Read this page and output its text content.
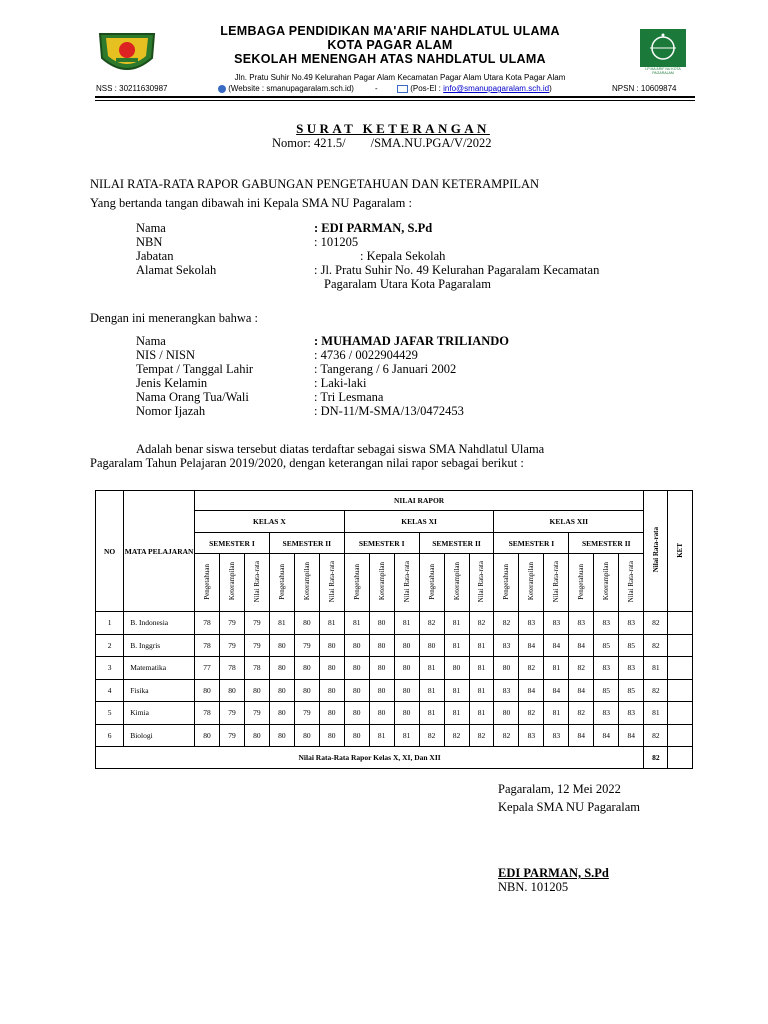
LEMBAGA PENDIDIKAN MA'ARIF NAHDLATUL ULAMA
KOTA PAGAR ALAM
SEKOLAH MENENGAH ATAS NAHDLATUL ULAMA
Jln. Pratu Suhir No.49 Kelurahan Pagar Alam Kecamatan Pagar Alam Utara Kota Pagar Alam
NSS : 30211630987	(Website : smanupagaralam.sch.id)	-	(Pos-El : info@smanupagaralam.sch.id)	NPSN : 10609874
LP MA'ARIF NU KOTA PAGARALAM
SURAT KETERANGAN
Nomor: 421.5/        /SMA.NU.PGA/V/2022
NILAI RATA-RATA RAPOR GABUNGAN PENGETAHUAN DAN KETERAMPILAN
Yang bertanda tangan dibawah ini Kepala SMA NU Pagaralam :
Nama	: EDI PARMAN, S.Pd
NBN	: 101205
Jabatan	: Kepala Sekolah
Alamat Sekolah	: Jl. Pratu Suhir No. 49 Kelurahan Pagaralam Kecamatan
Pagaralam Utara Kota Pagaralam
Dengan ini menerangkan bahwa :
Nama	: MUHAMAD JAFAR TRILIANDO
NIS / NISN	: 4736 / 0022904429
Tempat / Tanggal Lahir	: Tangerang / 6 Januari 2002
Jenis Kelamin	: Laki-laki
Nama Orang Tua/Wali	: Tri Lesmana
Nomor Ijazah	: DN-11/M-SMA/13/0472453
Adalah benar siswa tersebut diatas terdaftar sebagai siswa SMA Nahdlatul Ulama
Pagaralam Tahun Pelajaran 2019/2020, dengan keterangan nilai rapor sebagai berikut :
NO	MATA PELAJARAN	NILAI RAPOR																		Nilai Rata-rata	KET
		KELAS X						KELAS XI						KELAS XII							
		SEMESTER I			SEMESTER II			SEMESTER I			SEMESTER II			SEMESTER I			SEMESTER II				
		Pengetahuan	Keterampilan	Nilai Rata-rata	Pengetahuan	Keterampilan	Nilai Rata-rata	Pengetahuan	Keterampilan	Nilai Rata-rata	Pengetahuan	Keterampilan	Nilai Rata-rata	Pengetahuan	Keterampilan	Nilai Rata-rata	Pengetahuan	Keterampilan	Nilai Rata-rata		
1	B. Indonesia	78	79	79	81	80	81	81	80	81	82	81	82	82	83	83	83	83	83	82	
2	B. Inggris	78	79	79	80	79	80	80	80	80	80	81	81	83	84	84	84	85	85	82	
3	Matematika	77	78	78	80	80	80	80	80	80	81	80	81	80	82	81	82	83	83	81	
4	Fisika	80	80	80	80	80	80	80	80	80	81	81	81	83	84	84	84	85	85	82	
5	Kimia	78	79	79	80	79	80	80	80	80	81	81	81	80	82	81	82	83	83	81	
6	Biologi	80	79	80	80	80	80	80	81	81	82	82	82	82	83	83	84	84	84	82	
Nilai Rata-Rata Rapor Kelas X, XI, Dan XII																				82	
Pagaralam, 12 Mei 2022
Kepala SMA NU Pagaralam
EDI PARMAN, S.Pd
NBN. 101205
